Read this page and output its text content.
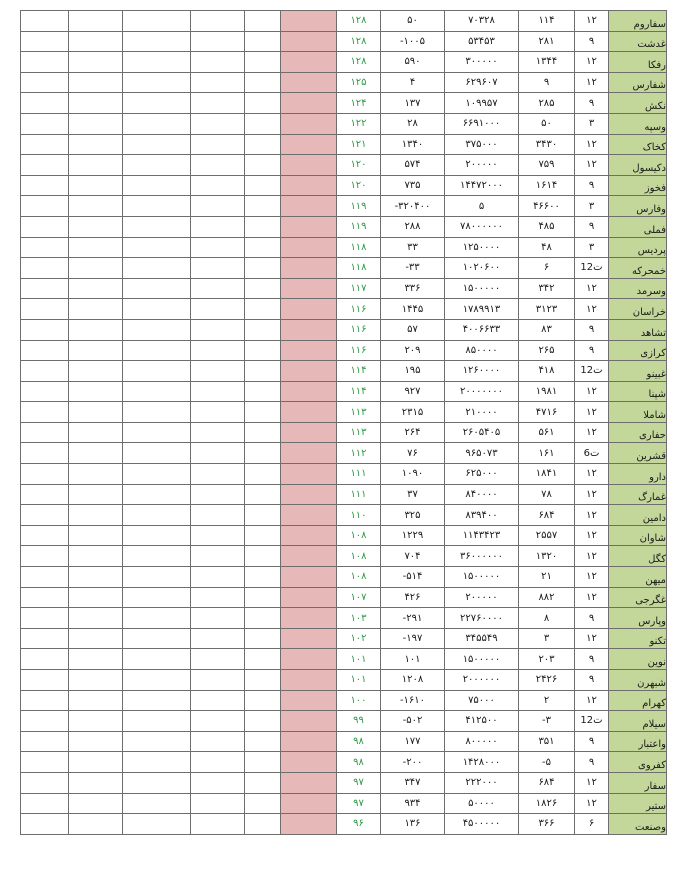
						۱۲۸	۵۰	۷۰۳۲۸	۱۱۴	۱۲	سفاروم
						۱۲۸	-۱۰۰۵	۵۳۴۵۳	۲۸۱	۹	غدشت
						۱۲۸	۵۹۰	۳۰۰۰۰۰	۱۳۴۴	۱۲	رفکا
						۱۲۵	۴	۶۲۹۶۰۷	۹	۱۲	شفارس
						۱۲۴	۱۳۷	۱۰۹۹۵۷	۲۸۵	۹	نکش
						۱۲۲	۲۸	۶۶۹۱۰۰۰	۵۰	۳	وسپه
						۱۲۱	۱۳۴۰	۳۷۵۰۰۰	۳۴۳۰	۱۲	کخاک
						۱۲۰	۵۷۴	۲۰۰۰۰۰	۷۵۹	۱۲	دکیسول
						۱۲۰	۷۳۵	۱۴۴۷۲۰۰۰	۱۶۱۴	۹	فخوز
						۱۱۹	-۳۲۰۴۰۰	۵	۴۶۶۰۰	۳	وفارس
						۱۱۹	۲۸۸	۷۸۰۰۰۰۰۰	۴۸۵	۹	فملی
						۱۱۸	۳۳	۱۲۵۰۰۰۰	۴۸	۳	پردیس
						۱۱۸	-۳۳	۱۰۲۰۶۰۰	۶	12ت	خمحرکه
						۱۱۷	۳۳۶	۱۵۰۰۰۰۰	۳۴۲	۱۲	وسرمد
						۱۱۶	۱۴۴۵	۱۷۸۹۹۱۳	۳۱۲۳	۱۲	خراسان
						۱۱۶	۵۷	۴۰۰۶۶۳۳	۸۳	۹	تشاهد
						۱۱۶	۲۰۹	۸۵۰۰۰۰	۲۶۵	۹	کرازی
						۱۱۴	۱۹۵	۱۲۶۰۰۰۰	۴۱۸	12ت	غبینو
						۱۱۴	۹۲۷	۲۰۰۰۰۰۰۰	۱۹۸۱	۱۲	شپنا
						۱۱۳	۲۳۱۵	۲۱۰۰۰۰	۴۷۱۶	۱۲	شاملا
						۱۱۳	۲۶۴	۲۶۰۵۴۰۵	۵۶۱	۱۲	حفاری
						۱۱۲	۷۶	۹۶۵۰۷۳	۱۶۱	6ت	قشرین
						۱۱۱	۱۰۹۰	۶۲۵۰۰۰	۱۸۴۱	۱۲	دارو
						۱۱۱	۳۷	۸۴۰۰۰۰	۷۸	۱۲	غمارگ
						۱۱۰	۳۲۵	۸۳۹۴۰۰	۶۸۴	۱۲	دامین
						۱۰۸	۱۲۲۹	۱۱۴۳۴۲۳	۲۵۵۷	۱۲	شاوان
						۱۰۸	۷۰۴	۳۶۰۰۰۰۰۰	۱۳۲۰	۱۲	کگل
						۱۰۸	-۵۱۴	۱۵۰۰۰۰۰	۲۱	۱۲	میهن
						۱۰۷	۴۲۶	۲۰۰۰۰۰	۸۸۲	۱۲	غگرجی
						۱۰۳	-۲۹۱	۲۲۷۶۰۰۰۰	۸	۹	وپارس
						۱۰۲	-۱۹۷	۳۴۵۵۴۹	۳	۱۲	تکنو
						۱۰۱	۱۰۱	۱۵۰۰۰۰۰	۲۰۳	۹	نوین
						۱۰۱	۱۲۰۸	۲۰۰۰۰۰۰	۲۴۲۶	۹	شبهرن
						۱۰۰	-۱۶۱۰	۷۵۰۰۰	۲	۱۲	کهرام
						۹۹	-۵۰۲	۴۱۲۵۰۰	-۳	12ت	سیلام
						۹۸	۱۷۷	۸۰۰۰۰۰	۳۵۱	۹	واعتبار
						۹۸	-۲۰۰	۱۴۲۸۰۰۰	-۵	۹	کفروی
						۹۷	۳۴۷	۲۲۲۰۰۰	۶۸۴	۱۲	سفار
						۹۷	۹۳۴	۵۰۰۰۰	۱۸۲۶	۱۲	ستیر
						۹۶	۱۳۶	۴۵۰۰۰۰۰	۳۶۶	۶	وصنعت
